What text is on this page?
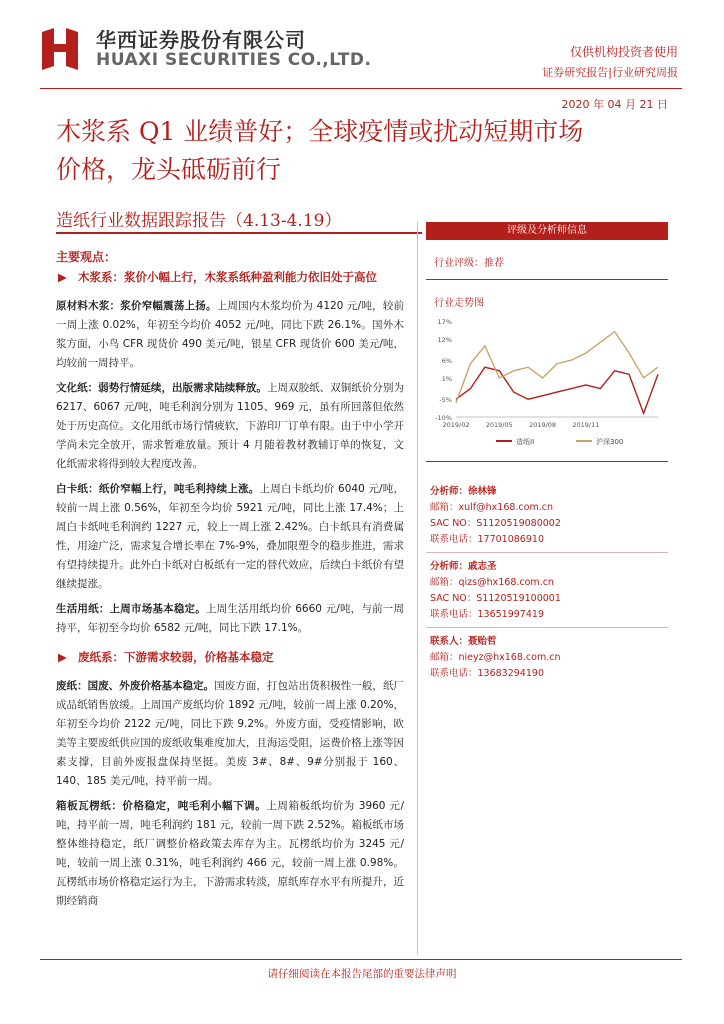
华西证券股份有限公司
HUAXI SECURITIES CO.,LTD.	仅供机构投资者使用
证券研究报告|行业研究周报
2020 年 04 月 21 日
木浆系 Q1 业绩普好；全球疫情或扰动短期市场
价格，龙头砥砺前行
造纸行业数据跟踪报告（4.13-4.19）
主要观点：
▶ 木浆系：浆价小幅上行，木浆系纸种盈利能力依旧处于高位
原材料木浆：浆价窄幅震荡上扬。上周国内木浆均价为 4120 元/吨，较前一周上涨 0.02%，年初至今均价 4052 元/吨，同比下跌 26.1%。国外木浆方面，小鸟 CFR 现货价 490 美元/吨，银星 CFR 现货价 600 美元/吨，均较前一周持平。
文化纸：弱势行情延续，出版需求陆续释放。上周双胶纸、双铜纸价分别为 6217、6067 元/吨，吨毛利润分别为 1105、969 元，虽有所回落但依然处于历史高位。文化用纸市场行情疲软，下游印厂订单有限。由于中小学开学尚未完全放开，需求暂难放量。预计 4 月随着教材教辅订单的恢复，文化纸需求将得到较大程度改善。
白卡纸：纸价窄幅上行，吨毛利持续上涨。上周白卡纸均价 6040 元/吨，较前一周上涨 0.56%，年初至今均价 5921 元/吨，同比上涨 17.4%；上周白卡纸吨毛利润约 1227 元，较上一周上涨 2.42%。白卡纸具有消费属性，用途广泛，需求复合增长率在 7%-9%，叠加限塑令的稳步推进，需求有望持续提升。此外白卡纸对白板纸有一定的替代效应，后续白卡纸价有望继续提涨。
生活用纸：上周市场基本稳定。上周生活用纸均价 6660 元/吨，与前一周持平，年初至今均价 6582 元/吨，同比下跌 17.1%。
▶ 废纸系：下游需求较弱，价格基本稳定
废纸：国废、外废价格基本稳定。国废方面，打包站出货积极性一般，纸厂成品纸销售放缓。上周国产废纸均价 1892 元/吨，较前一周上涨 0.20%，年初至今均价 2122 元/吨，同比下跌 9.2%。外废方面，受疫情影响，欧美等主要废纸供应国的废纸收集难度加大，且海运受阻，运费价格上涨等因素支撑，目前外废报盘保持坚挺。美废 3#、8#、9#分别报于 160、140、185 美元/吨，持平前一周。
箱板瓦楞纸：价格稳定，吨毛利小幅下调。上周箱板纸均价为 3960 元/吨，持平前一周，吨毛利润约 181 元，较前一周下跌 2.52%。箱板纸市场整体维持稳定，纸厂调整价格政策去库存为主。瓦楞纸均价为 3245 元/吨，较前一周上涨 0.31%，吨毛利润约 466 元，较前一周上涨 0.98%。瓦楞纸市场价格稳定运行为主，下游需求转淡，原纸库存水平有所提升，近期经销商
评级及分析师信息
行业评级：推荐
行业走势图
17%
12%
6%
1%
-5%
-10%
2019/02	2019/05	2019/08	2019/11
造纸II	沪深300
分析师：徐林锋
邮箱：xulf@hx168.com.cn
SAC NO：S1120519080002
联系电话：17701086910
分析师：戚志圣
邮箱：qizs@hx168.com.cn
SAC NO：S1120519100001
联系电话：13651997419
联系人：聂贻哲
邮箱：nieyz@hx168.com.cn
联系电话：13683294190
请仔细阅读在本报告尾部的重要法律声明
